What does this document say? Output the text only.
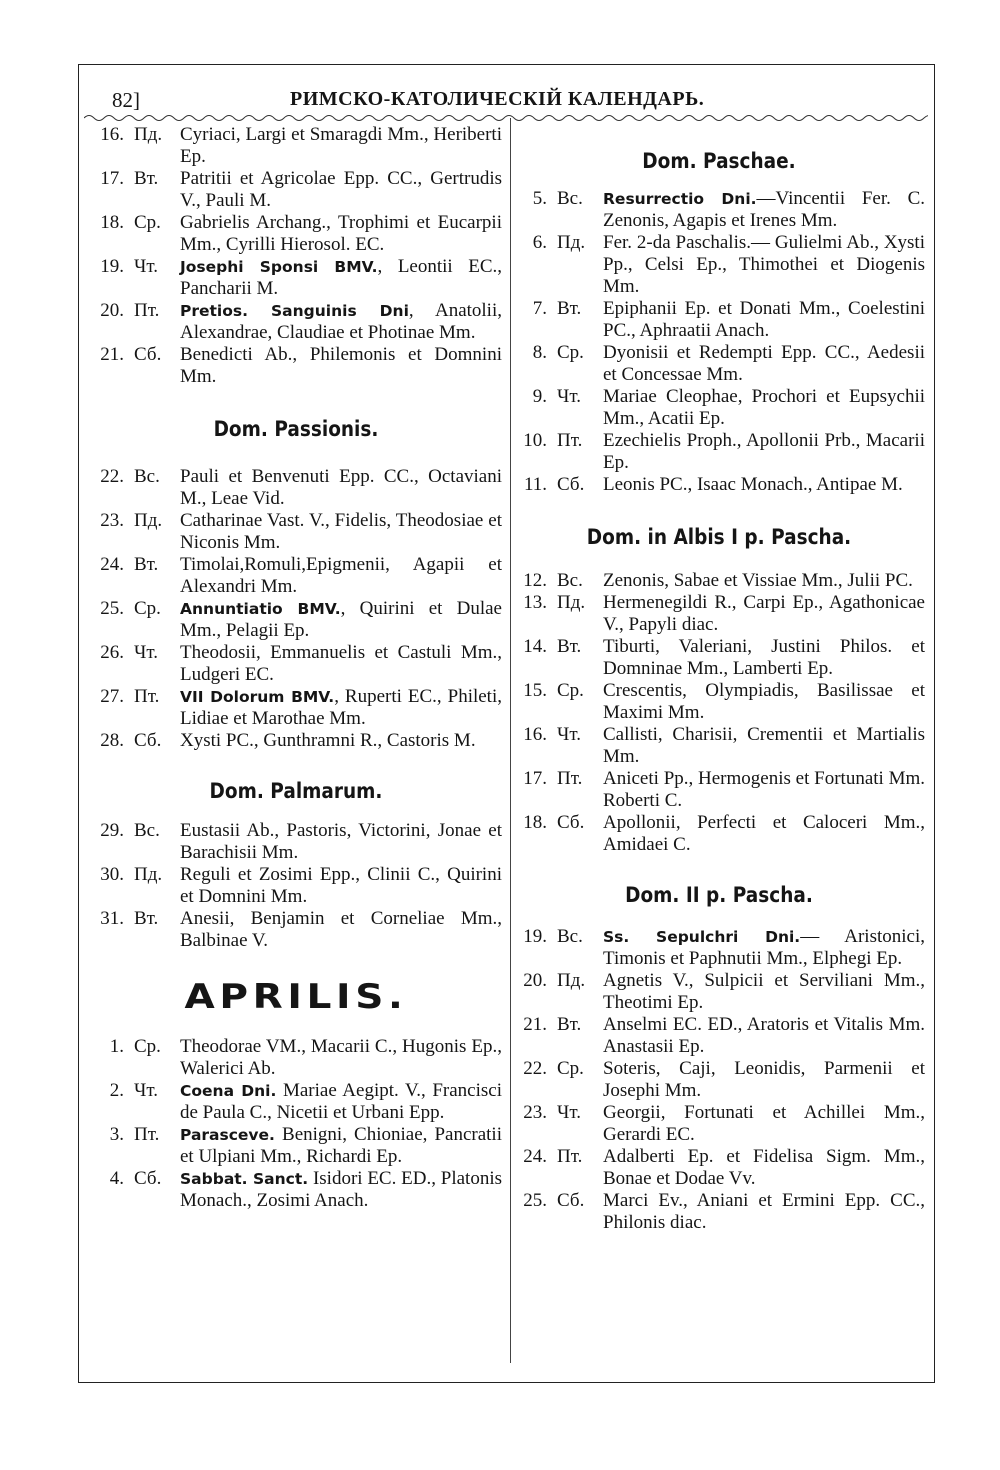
82]	РИМСКО-КАТОЛИЧЕСКІЙ КАЛЕНДАРЬ.
16. Пд. Cyriaci, Largi et Smaragdi Mm., Heriberti Ep.
17. Вт.	Patritii et Agricolae Epp. CC., Gertrudis V., Pauli M.
18. Ср.	Gabrielis Archang., Trophimi et Eucarpii Mm., Cyrilli Hierosol. EC.
19. Чт.	Josephi Sponsi BMV., Leontii EC., Pancharii M.
20. Пт.	Pretios. Sanguinis Dni, Anatolii, Alexandrae, Claudiae et Photinae Mm.
21. Сб. Benedicti Ab., Philemonis et Domnini Mm.
Dom. Passionis.
22. Вс.	Pauli et Benvenuti Epp. CC., Octaviani M., Leae Vid.
23. Пд. Catharinae Vast. V., Fidelis, Theodosiae et Niconis Mm.
24. Вт.	Timolai,Romuli,Epigmenii, Agapii et Alexandri Mm.
25. Ср.	Annuntiatio BMV., Quirini et Dulae Mm., Pelagii Ep.
26. Чт.	Theodosii, Emmanuelis et Castuli Mm., Ludgeri EC.
27. Пт.	VII Dolorum BMV., Ruperti EC., Phileti, Lidiae et Marothae Mm.
28. Сб. Xysti PC., Gunthramni R., Castoris M.
Dom. Palmarum.
29. Вс.	Eustasii Ab., Pastoris, Victorini, Jonae et Barachisii Mm.
30. Пд. Reguli et Zosimi Epp., Clinii C., Quirini et Domnini Mm.
31. Вт.	Anesii, Benjamin et Corneliae Mm., Balbinae V.
APRILIS.
1. Ср.	Theodorae VM., Macarii C., Hugonis Ep., Walerici Ab.
2. Чт.	Coena Dni. Mariae Aegipt. V., Francisci de Paula C., Nicetii et Urbani Epp.
3. Пт.	Parasceve. Benigni, Chioniae, Pancratii et Ulpiani Mm., Richardi Ep.
4. Сб.	Sabbat. Sanct. Isidori EC. ED., Platonis Monach., Zosimi Anach.
Dom. Paschae.
5. Вс.	Resurrectio Dni.—Vincentii Fer. C. Zenonis, Agapis et Irenes Mm.
6. Пд. Fer. 2-da Paschalis.— Gulielmi Ab., Xysti Pp., Celsi Ep., Thimothei et Diogenis Mm.
7. Вт.	Epiphanii Ep. et Donati Mm., Coelestini PC., Aphraatii Anach.
8. Ср.	Dyonisii et Redempti Epp. CC., Aedesii et Concessae Mm.
9. Чт.	Mariae Cleophae, Prochori et Eupsychii Mm., Acatii Ep.
10. Пт.	Ezechielis Proph., Apollonii Prb., Macarii Ep.
11. Сб. Leonis PC., Isaac Monach., Antipae M.
Dom. in Albis I p. Pascha.
12. Вс.	Zenonis, Sabae et Vissiae Mm., Julii PC.
13. Пд. Hermenegildi R., Carpi Ep., Agathonicae V., Papyli diac.
14. Вт.	Tiburti, Valeriani, Justini Philos. et Domninae Mm., Lamberti Ep.
15. Ср.	Crescentis, Olympiadis, Basilissae et Maximi Mm.
16. Чт.	Callisti, Charisii, Crementii et Martialis Mm.
17. Пт.	Aniceti Pp., Hermogenis et Fortunati Mm. Roberti C.
18. Сб. Apollonii, Perfecti et Caloceri Mm., Amidaei C.
Dom. II p. Pascha.
19. Вс.	Ss. Sepulchri Dni.— Aristonici, Timonis et Paphnutii Mm., Elphegi Ep.
20. Пд. Agnetis V., Sulpicii et Serviliani Mm., Theotimi Ep.
21. Вт.	Anselmi EC. ED., Aratoris et Vitalis Mm. Anastasii Ep.
22. Ср.	Soteris, Caji, Leonidis, Parmenii et Josephi Mm.
23. Чт.	Georgii, Fortunati et Achillei Mm., Gerardi EC.
24. Пт.	Adalberti Ep. et Fidelisa Sigm. Mm., Bonae et Dodae Vv.
25. Сб. Marci Ev., Aniani et Ermini Epp. CC., Philonis diac.
